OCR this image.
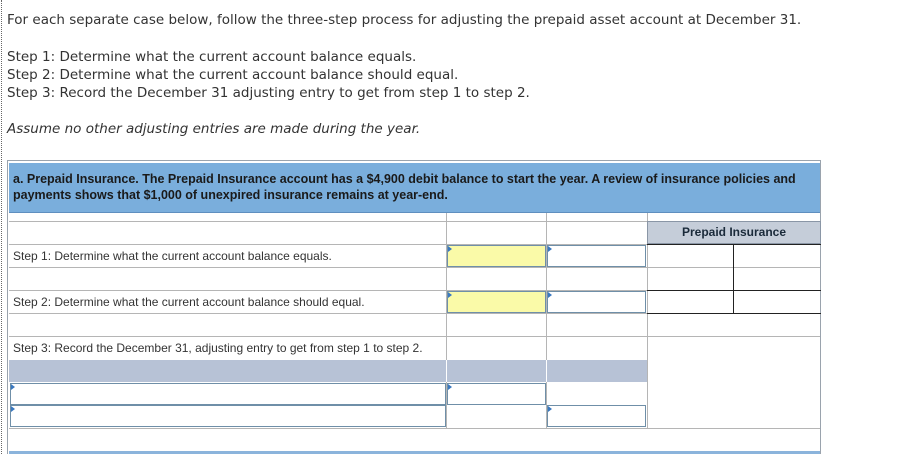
For each separate case below, follow the three-step process for adjusting the prepaid asset account at December 31.
Step 1: Determine what the current account balance equals.
Step 2: Determine what the current account balance should equal.
Step 3: Record the December 31 adjusting entry to get from step 1 to step 2.
Assume no other adjusting entries are made during the year.
a. Prepaid Insurance. The Prepaid Insurance account has a $4,900 debit balance to start the year. A review of insurance policies and payments shows that $1,000 of unexpired insurance remains at year-end.
Step 1: Determine what the current account balance equals.
Step 2: Determine what the current account balance should equal.
Step 3: Record the December 31, adjusting entry to get from step 1 to step 2.
Prepaid Insurance
